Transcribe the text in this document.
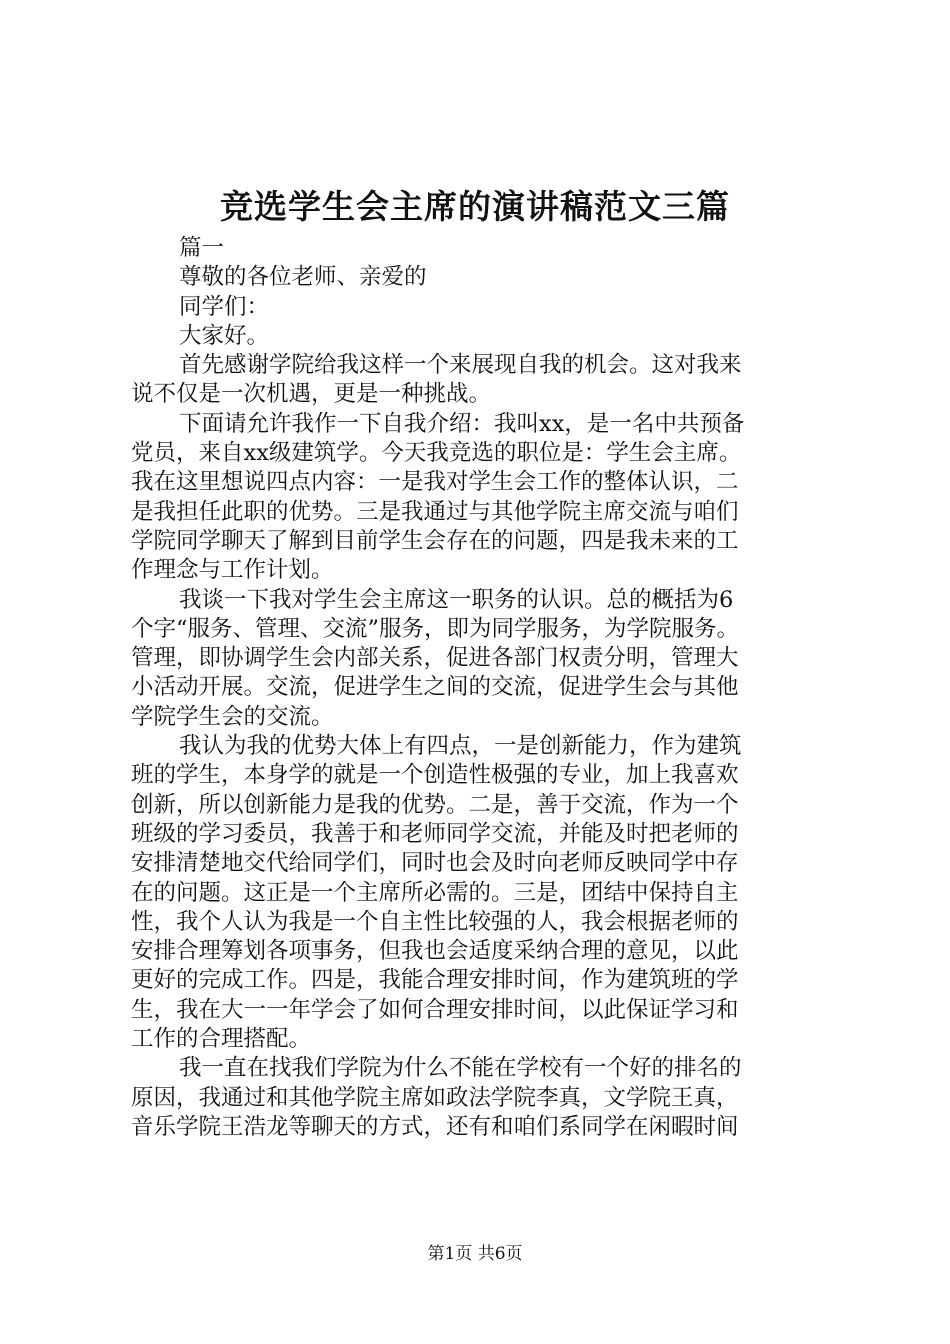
竞选学生会主席的演讲稿范文三篇
篇一
尊敬的各位老师、亲爱的
同学们：
大家好。
首先感谢学院给我这样一个来展现自我的机会。这对我来
说不仅是一次机遇，更是一种挑战。
下面请允许我作一下自我介绍：我叫xx，是一名中共预备
党员，来自xx级建筑学。今天我竞选的职位是：学生会主席。
我在这里想说四点内容：一是我对学生会工作的整体认识，二
是我担任此职的优势。三是我通过与其他学院主席交流与咱们
学院同学聊天了解到目前学生会存在的问题，四是我未来的工
作理念与工作计划。
我谈一下我对学生会主席这一职务的认识。总的概括为6
个字“服务、管理、交流”服务，即为同学服务，为学院服务。
管理，即协调学生会内部关系，促进各部门权责分明，管理大
小活动开展。交流，促进学生之间的交流，促进学生会与其他
学院学生会的交流。
我认为我的优势大体上有四点，一是创新能力，作为建筑
班的学生，本身学的就是一个创造性极强的专业，加上我喜欢
创新，所以创新能力是我的优势。二是，善于交流，作为一个
班级的学习委员，我善于和老师同学交流，并能及时把老师的
安排清楚地交代给同学们，同时也会及时向老师反映同学中存
在的问题。这正是一个主席所必需的。三是，团结中保持自主
性，我个人认为我是一个自主性比较强的人，我会根据老师的
安排合理筹划各项事务，但我也会适度采纳合理的意见，以此
更好的完成工作。四是，我能合理安排时间，作为建筑班的学
生，我在大一一年学会了如何合理安排时间，以此保证学习和
工作的合理搭配。
我一直在找我们学院为什么不能在学校有一个好的排名的
原因，我通过和其他学院主席如政法学院李真，文学院王真，
音乐学院王浩龙等聊天的方式，还有和咱们系同学在闲暇时间
第1页 共6页
